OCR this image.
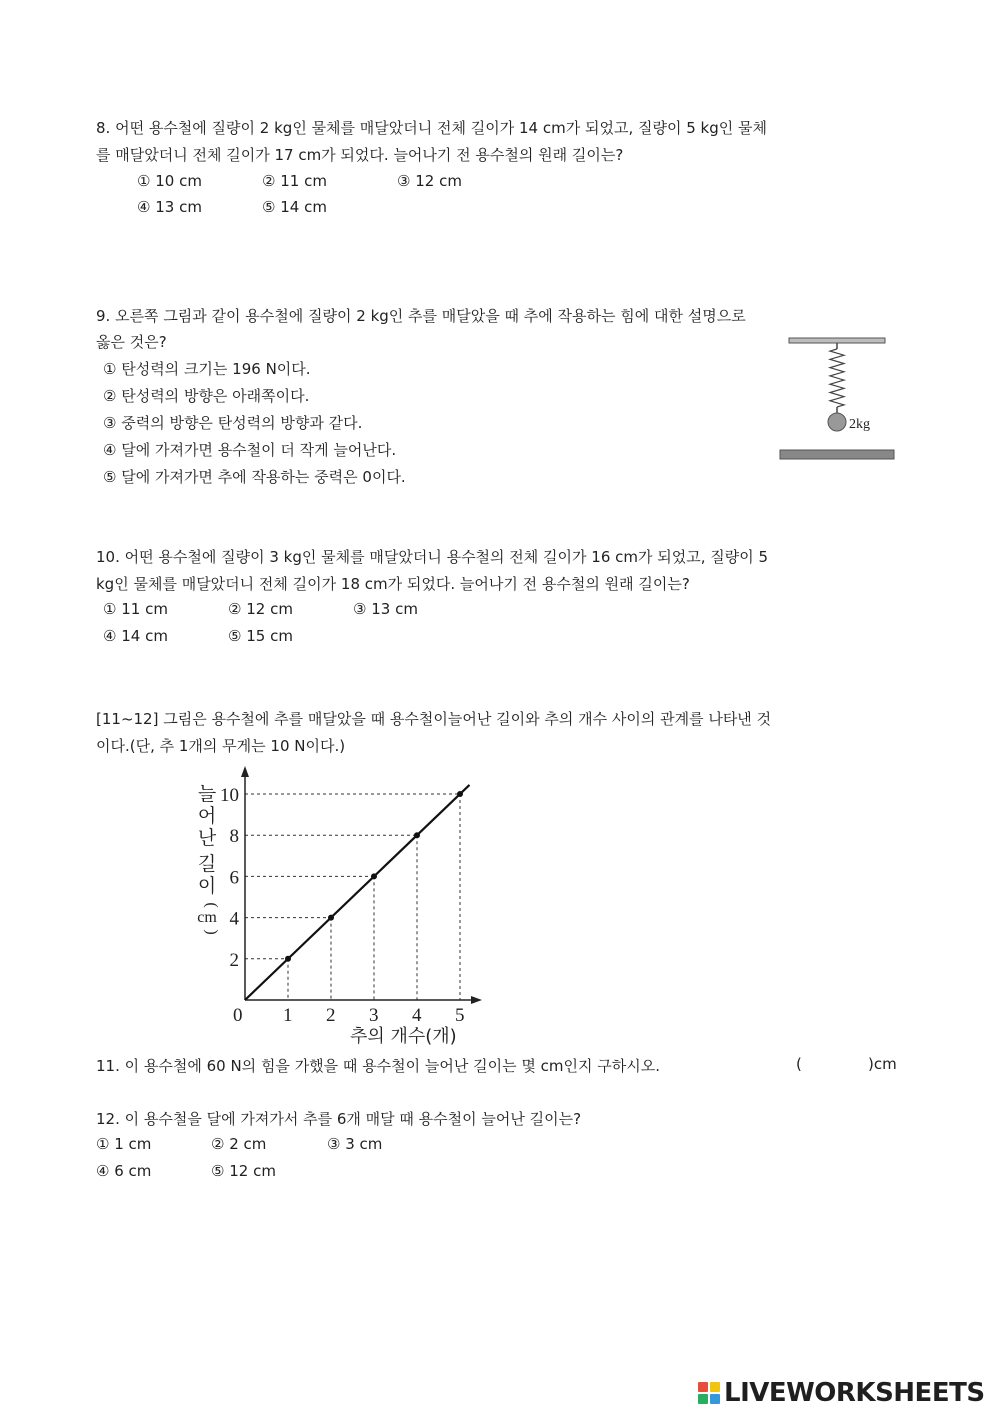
8. 어떤 용수철에 질량이 2 kg인 물체를 매달았더니 전체 길이가 14 cm가 되었고, 질량이 5 kg인 물체
를 매달았더니 전체 길이가 17 cm가 되었다. 늘어나기 전 용수철의 원래 길이는?
① 10 cm	② 11 cm	③ 12 cm
④ 13 cm	⑤ 14 cm
9. 오른쪽 그림과 같이 용수철에 질량이 2 kg인 추를 매달았을 때 추에 작용하는 힘에 대한 설명으로
옳은 것은?
① 탄성력의 크기는 196 N이다.
② 탄성력의 방향은 아래쪽이다.
③ 중력의 방향은 탄성력의 방향과 같다.
④ 달에 가져가면 용수철이 더 작게 늘어난다.
⑤ 달에 가져가면 추에 작용하는 중력은 0이다.
2kg
10. 어떤 용수철에 질량이 3 kg인 물체를 매달았더니 용수철의 전체 길이가 16 cm가 되었고, 질량이 5
kg인 물체를 매달았더니 전체 길이가 18 cm가 되었다. 늘어나기 전 용수철의 원래 길이는?
① 11 cm	② 12 cm	③ 13 cm
④ 14 cm	⑤ 15 cm
[11~12] 그림은 용수철에 추를 매달았을 때 용수철이늘어난 길이와 추의 개수 사이의 관계를 나타낸 것
이다.(단, 추 1개의 무게는 10 N이다.)
0 1 2 3 4 5
2
4
6
8
10
늘
어
난
길
이
(
cm
)
추의 개수(개)
11. 이 용수철에 60 N의 힘을 가했을 때 용수철이 늘어난 길이는 몇 cm인지 구하시오.	(	)cm
12. 이 용수철을 달에 가져가서 추를 6개 매달 때 용수철이 늘어난 길이는?
① 1 cm	② 2 cm	③ 3 cm
④ 6 cm	⑤ 12 cm
LIVEWORKSHEETS
